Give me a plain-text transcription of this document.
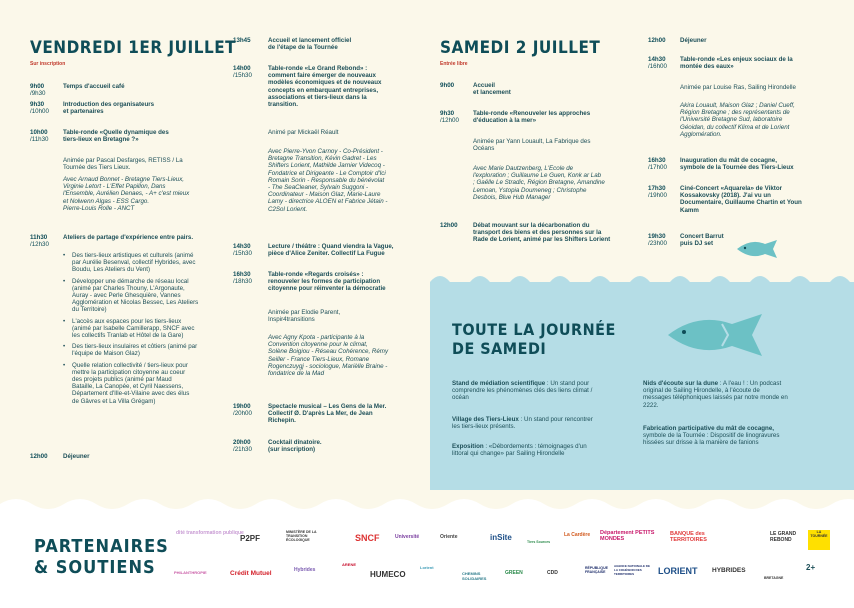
VENDREDI 1ER JUILLET
Sur inscription
9h00
/9h30
Temps d'accueil café
9h30
/10h00
Introduction des organisateurs
et partenaires
10h00
/11h30
Table-ronde «Quelle dynamique des
tiers-lieux en Bretagne ?»
Animée par Pascal Desfarges, RETISS / La
Tournée des Tiers Lieux.
Avec Arnaud Bonnet - Bretagne Tiers-Lieux,
Virginie Letort - L'Effet Papillon, Dans
l'Ensemble, Aurélien Denaes, - A+ c'est mieux
et Nolwenn Algas - ESS Cargo.
Pierre-Louis Rolle - ANCT
11h30
/12h30
Ateliers de partage d'expérience entre pairs.
• Des tiers-lieux artistiques et culturels (animé
par Aurélie Besenval, collectif Hybrides, avec
Boudu, Les Ateliers du Vent)
• Développer une démarche de réseau local
(animé par Charles Thouny, L'Argonaute,
Auray - avec Perle Ghesquière, Vannes
Agglomération et Nicolas Bessec, Les Ateliers
du Territoire)
• L'accès aux espaces pour les tiers-lieux
(animé par Isabelle Camillerapp, SNCF avec
les collectifs Tranlab et Hôtel de la Gare)
• Des tiers-lieux insulaires et côtiers (animé par
l'équipe de Maison Glaz)
• Quelle relation collectivité / tiers-lieux pour
mettre la participation citoyenne au coeur
des projets publics (animé par Maud
Bataille, La Canopée, et Cyril Naessens,
Département d'Ille-et-Vilaine avec des élus
de Gâvres et La Villa Grégam)
12h00 Déjeuner
13h45	Accueil et lancement officiel
de l'étape de la Tournée
14h00
/15h30
Table-ronde «Le Grand Rebond» :
comment faire émerger de nouveaux
modèles économiques et de nouveaux
concepts en embarquant entreprises,
associations et tiers-lieux dans la
transition.
Animé par Mickaël Réault
Avec Pierre-Yvon Carnoy - Co-Président -
Bretagne Transition, Kévin Gadret - Les
Shifters Lorient, Mathilde Jarnier Videcoq -
Fondatrice et Dirigeante - Le Comptoir d'Ici
Romain Sorin - Responsable du bénévolat
- The SeaCleaner, Sylvain Suggoni -
Coordinateur - Maison Glaz, Marie-Laure
Lamy - directrice ALOEN et Fabrice Jétain -
C2Sol Lorient.
14h30
/15h30
Lecture / théâtre : Quand viendra la Vague,
pièce d'Alice Zeniter. Collectif La Fugue
16h30
/18h30
Table-ronde «Regards croisés» :
renouveler les formes de participation
citoyenne pour réinventer la démocratie
Animée par Elodie Parent,
Inspir4transitions
Avec Agny Kpota - participante à la
Convention citoyenne pour le climat,
Solène Boigiou - Réseau Cohérence, Rémy
Seiller - France Tiers-Lieux, Romane
Rogenczuygj - sociologue, Marièlle Braine -
fondatrice de la Mad
19h00
/20h00
Spectacle musical – Les Gens de la Mer.
Collectif Ø. D'après La Mer, de Jean
Richepin.
20h00
/21h30
Cocktail dînatoire.
(sur inscription)
SAMEDI 2 JUILLET
Entrée libre
9h00	Accueil
et lancement
9h30
/12h00
Table-ronde «Renouveler les approches
d'éducation à la mer»
Animée par Yann Louault, La Fabrique des
Océans
Avec Marie Dautzenberg, L'Ecole de
l'exploration ; Guillaume Le Guen, Konk ar Lab
; Gaëlle Le Stradic, Région Bretagne, Amandine
Lemoan, Ystopia Doumeneg ; Christophe
Desbois, Blue Hub Manager
12h00 Débat mouvant sur la décarbonation du
transport des biens et des personnes sur la
Rade de Lorient, animé par les Shifters Lorient
12h00 Déjeuner
14h30
/16h00
Table-ronde «Les enjeux sociaux de la
montée des eaux»
Animée par Louise Ras, Sailing Hirondelle
Akira Louault, Maison Glaz ; Daniel Cueff,
Région Bretagne ; des représentants de
l'Université Bretagne Sud, laboratoire
Géoidan, du collectif Klima et de Lorient
Agglomération.
16h30
/17h00
Inauguration du mât de cocagne,
symbole de la Tournée des Tiers-Lieux
17h30
/19h00
Ciné-Concert «Aquarela» de Viktor
Kossakovsky (2018). J'ai vu un
Documentaire, Guillaume Chartin et Youn
Kamm
19h30
/23h00
Concert Barrut
puis DJ set
TOUTE LA JOURNÉE
DE SAMEDI
Stand de médiation scientifique : Un stand pour
comprendre les phénomènes clés des liens climat /
océan
Village des Tiers-Lieux : Un stand pour rencontrer
les tiers-lieux présents.
Exposition : «Débordements : témoignages d'un
littoral qui change» par Sailing Hirondelle
Nids d'écoute sur la dune : A l'eau ! : Un podcast
original de Sailing Hirondelle, à l'écoute de
messages téléphoniques laissés par notre monde en
2222.
Fabrication participative du mât de cocagne,
symbole de la Tournée : Dispositif de linogravures
hissées sur drisse à la manière de fanions
PARTENAIRES
& SOUTIENS
dité transformation publique
P2PF
MINISTÈRE DE LA TRANSITION ÉCOLOGIQUE	SNCF	Université	Oriente	inSite	Tiers Sources
La Cardère Département PETITS MONDES
BANQUE des TERRITOIRES
LE GRAND REBOND
LA TOURNÉE
PHILANTHROPIE	Crédit Mutuel	Hybrides
ARENE
HUMECO
Lorient
CHEMINS SOLIDAIRES
GREEN	CDD
RÉPUBLIQUE FRANÇAISE
AGENCE NATIONALE DE LA COHÉSION DES TERRITOIRES	LORIENT HYBRIDES
BRETAGNE
2+
